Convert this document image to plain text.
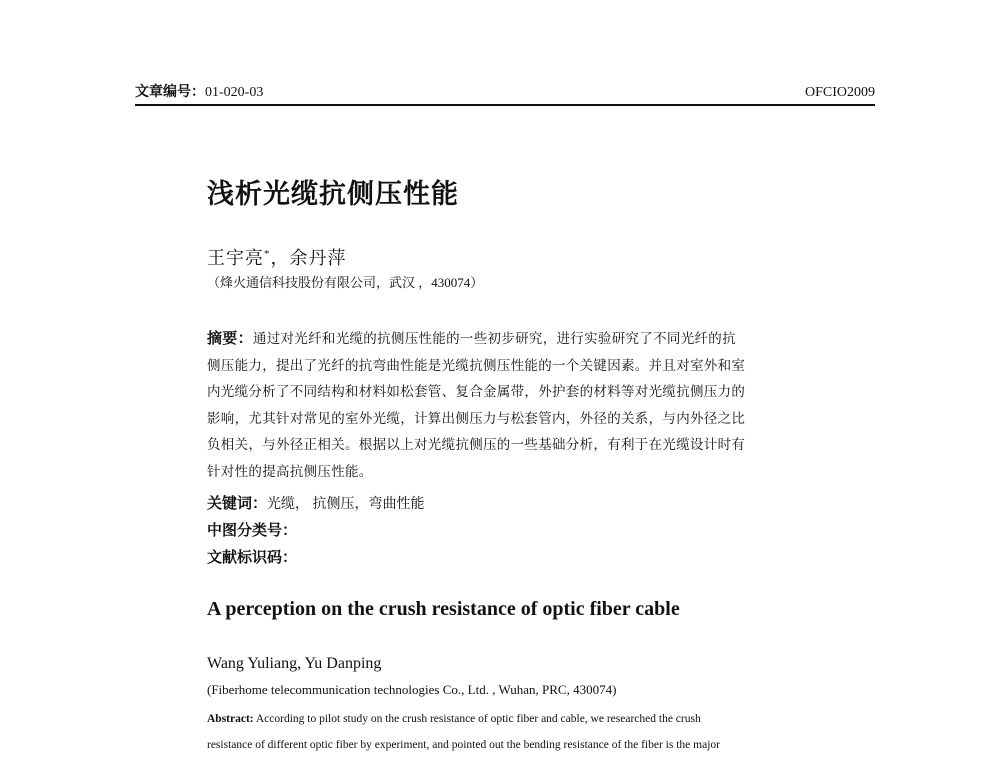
文章编号：01-020-03	OFCIO2009
浅析光缆抗侧压性能
王宇亮*，余丹萍
（烽火通信科技股份有限公司，武汉 ，430074）
摘要：通过对光纤和光缆的抗侧压性能的一些初步研究，进行实验研究了不同光纤的抗
侧压能力，提出了光纤的抗弯曲性能是光缆抗侧压性能的一个关键因素。并且对室外和室
内光缆分析了不同结构和材料如松套管、复合金属带，外护套的材料等对光缆抗侧压力的
影响，尤其针对常见的室外光缆，计算出侧压力与松套管内，外径的关系，与内外径之比
负相关，与外径正相关。根据以上对光缆抗侧压的一些基础分析，有利于在光缆设计时有
针对性的提高抗侧压性能。
关键词：光缆， 抗侧压，弯曲性能
中图分类号：
文献标识码：
A perception on the crush resistance of optic fiber cable
Wang Yuliang, Yu Danping
(Fiberhome telecommunication technologies Co., Ltd. , Wuhan, PRC, 430074)
Abstract: According to pilot study on the crush resistance of optic fiber and cable, we researched the crush
resistance of different optic fiber by experiment, and pointed out the bending resistance of the fiber is the major
